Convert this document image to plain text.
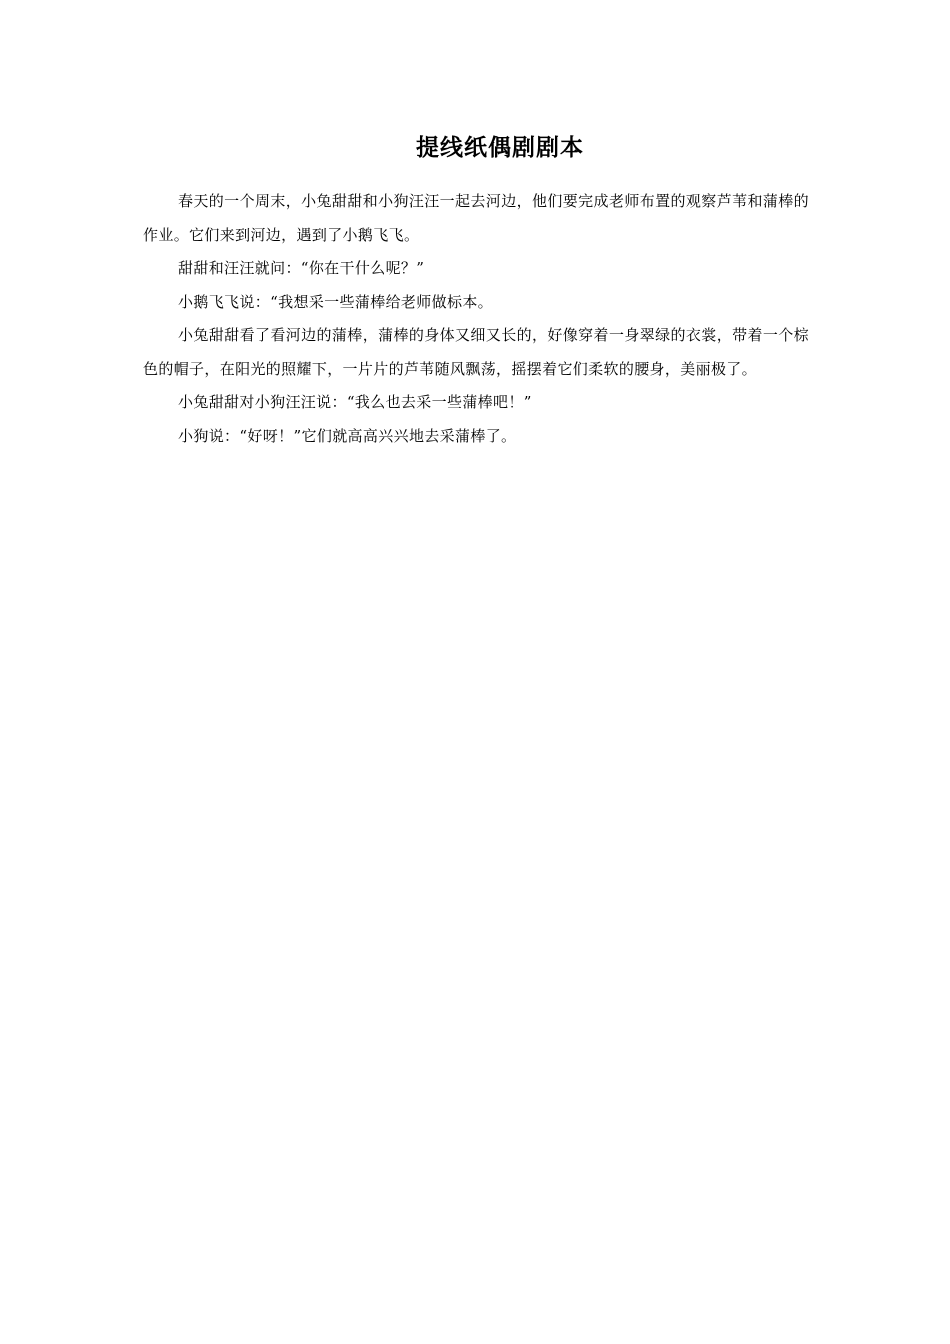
提线纸偶剧剧本

春天的一个周末，小兔甜甜和小狗汪汪一起去河边，他们要完成老师布置的观察芦苇和蒲棒的作业。它们来到河边，遇到了小鹅飞飞。

甜甜和汪汪就问：“你在干什么呢？”

小鹅飞飞说：“我想采一些蒲棒给老师做标本。

小兔甜甜看了看河边的蒲棒，蒲棒的身体又细又长的，好像穿着一身翠绿的衣裳，带着一个棕色的帽子，在阳光的照耀下，一片片的芦苇随风飘荡，摇摆着它们柔软的腰身，美丽极了。

小兔甜甜对小狗汪汪说：“我么也去采一些蒲棒吧！”

小狗说：“好呀！”它们就高高兴兴地去采蒲棒了。
